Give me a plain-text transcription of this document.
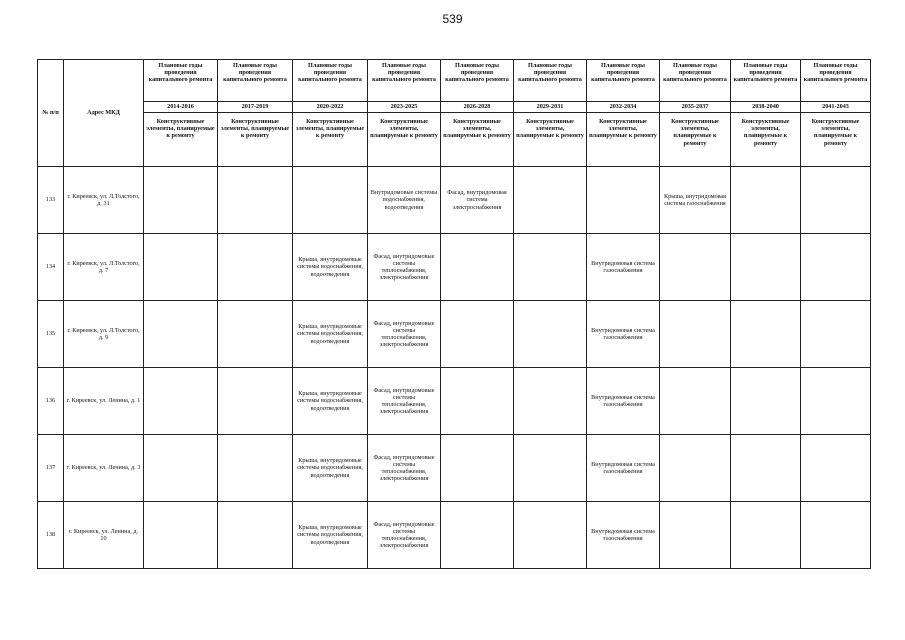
539
№ п/п	Адрес МКД	Плановые годы проведения капитального ремонта	Плановые годы проведения капитального ремонта	Плановые годы проведения капитального ремонта	Плановые годы проведения капитального ремонта	Плановые годы проведения капитального ремонта	Плановые годы проведения капитального ремонта	Плановые годы проведения капитального ремонта	Плановые годы проведения капитального ремонта	Плановые годы проведения капитального ремонта	Плановые годы проведения капитального ремонта
		2014-2016	2017-2019	2020-2022	2023-2025	2026-2028	2029-2031	2032-2034	2035-2037	2038-2040	2041-2043
		Конструктивные элементы, планируемые к ремонту	Конструктивные элементы, планируемые к ремонту	Конструктивные элементы, планируемые к ремонту	Конструктивные элементы, планируемые к ремонту	Конструктивные элементы, планируемые к ремонту	Конструктивные элементы, планируемые к ремонту	Конструктивные элементы, планируемые к ремонту	Конструктивные элементы, планируемые к ремонту	Конструктивные элементы, планируемые к ремонту	Конструктивные элементы, планируемые к ремонту
133	г. Киреевск, ул. Л.Толстого, д. 31				Внутридомовые системы водоснабжения, водоотведения	Фасад, внутридомовая система электроснабжения			Крыша, внутридомовая система газоснабжения		
134	г. Киреевск, ул. Л.Толстого, д. 7			Крыша, внутридомовые системы водоснабжения, водоотведения	Фасад, внутридомовые системы теплоснабжения, электроснабжения			Внутридомовая система газоснабжения			
135	г. Киреевск, ул. Л.Толстого, д. 9			Крыша, внутридомовые системы водоснабжения, водоотведения	Фасад, внутридомовые системы теплоснабжения, электроснабжения			Внутридомовая система газоснабжения			
136	г. Киреевск, ул. Ленина, д. 1			Крыша, внутридомовые системы водоснабжения, водоотведения	Фасад, внутридомовые системы теплоснабжения, электроснабжения			Внутридомовая система газоснабжения			
137	г. Киреевск, ул. Ленина, д. 3			Крыша, внутридомовые системы водоснабжения, водоотведения	Фасад, внутридомовые системы теплоснабжения, электроснабжения			Внутридомовая система газоснабжения			
138	г. Киреевск, ул. Ленина, д. 10			Крыша, внутридомовые системы водоснабжения, водоотведения	Фасад, внутридомовые системы теплоснабжения, электроснабжения			Внутридомовая система газоснабжения			
